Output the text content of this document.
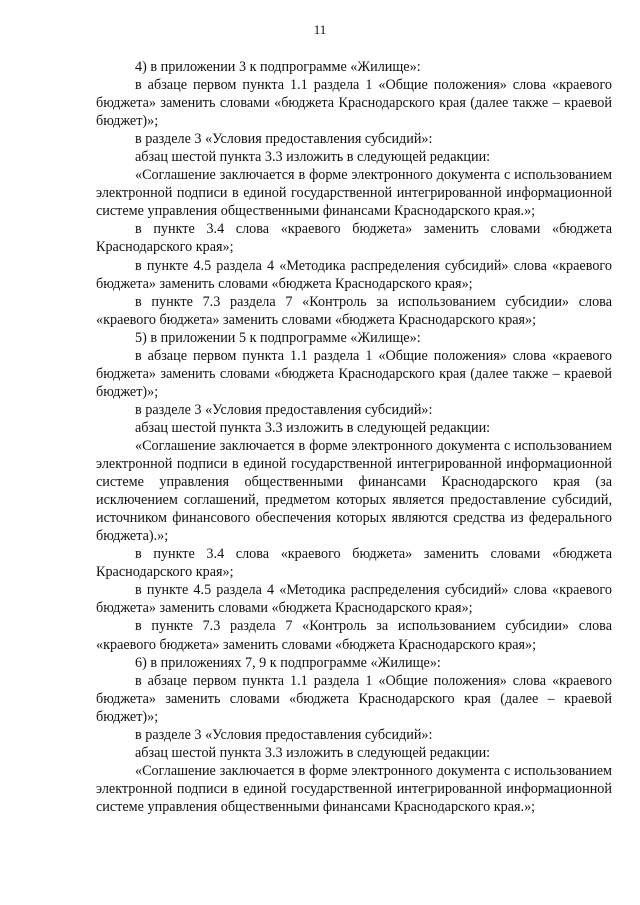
11

4) в приложении 3 к подпрограмме «Жилище»:

в абзаце первом пункта 1.1 раздела 1 «Общие положения» слова «краевого бюджета» заменить словами «бюджета Краснодарского края (далее также – краевой бюджет)»;

в разделе 3 «Условия предоставления субсидий»:

абзац шестой пункта 3.3 изложить в следующей редакции:

«Соглашение заключается в форме электронного документа с использованием электронной подписи в единой государственной интегрированной информационной системе управления общественными финансами Краснодарского края.»;

в пункте 3.4 слова «краевого бюджета» заменить словами «бюджета Краснодарского края»;

в пункте 4.5 раздела 4 «Методика распределения субсидий» слова «краевого бюджета» заменить словами «бюджета Краснодарского края»;

в пункте 7.3 раздела 7 «Контроль за использованием субсидии» слова «краевого бюджета» заменить словами «бюджета Краснодарского края»;

5) в приложении 5 к подпрограмме «Жилище»:

в абзаце первом пункта 1.1 раздела 1 «Общие положения» слова «краевого бюджета» заменить словами «бюджета Краснодарского края (далее также – краевой бюджет)»;

в разделе 3 «Условия предоставления субсидий»:

абзац шестой пункта 3.3 изложить в следующей редакции:

«Соглашение заключается в форме электронного документа с использованием электронной подписи в единой государственной интегрированной информационной системе управления общественными финансами Краснодарского края (за исключением соглашений, предметом которых является предоставление субсидий, источником финансового обеспечения которых являются средства из федерального бюджета).»;

в пункте 3.4 слова «краевого бюджета» заменить словами «бюджета Краснодарского края»;

в пункте 4.5 раздела 4 «Методика распределения субсидий» слова «краевого бюджета» заменить словами «бюджета Краснодарского края»;

в пункте 7.3 раздела 7 «Контроль за использованием субсидии» слова «краевого бюджета» заменить словами «бюджета Краснодарского края»;

6) в приложениях 7, 9 к подпрограмме «Жилище»:

в абзаце первом пункта 1.1 раздела 1 «Общие положения» слова «краевого бюджета» заменить словами «бюджета Краснодарского края (далее – краевой бюджет)»;

в разделе 3 «Условия предоставления субсидий»:

абзац шестой пункта 3.3 изложить в следующей редакции:

«Соглашение заключается в форме электронного документа с использованием электронной подписи в единой государственной интегрированной информационной системе управления общественными финансами Краснодарского края.»;
